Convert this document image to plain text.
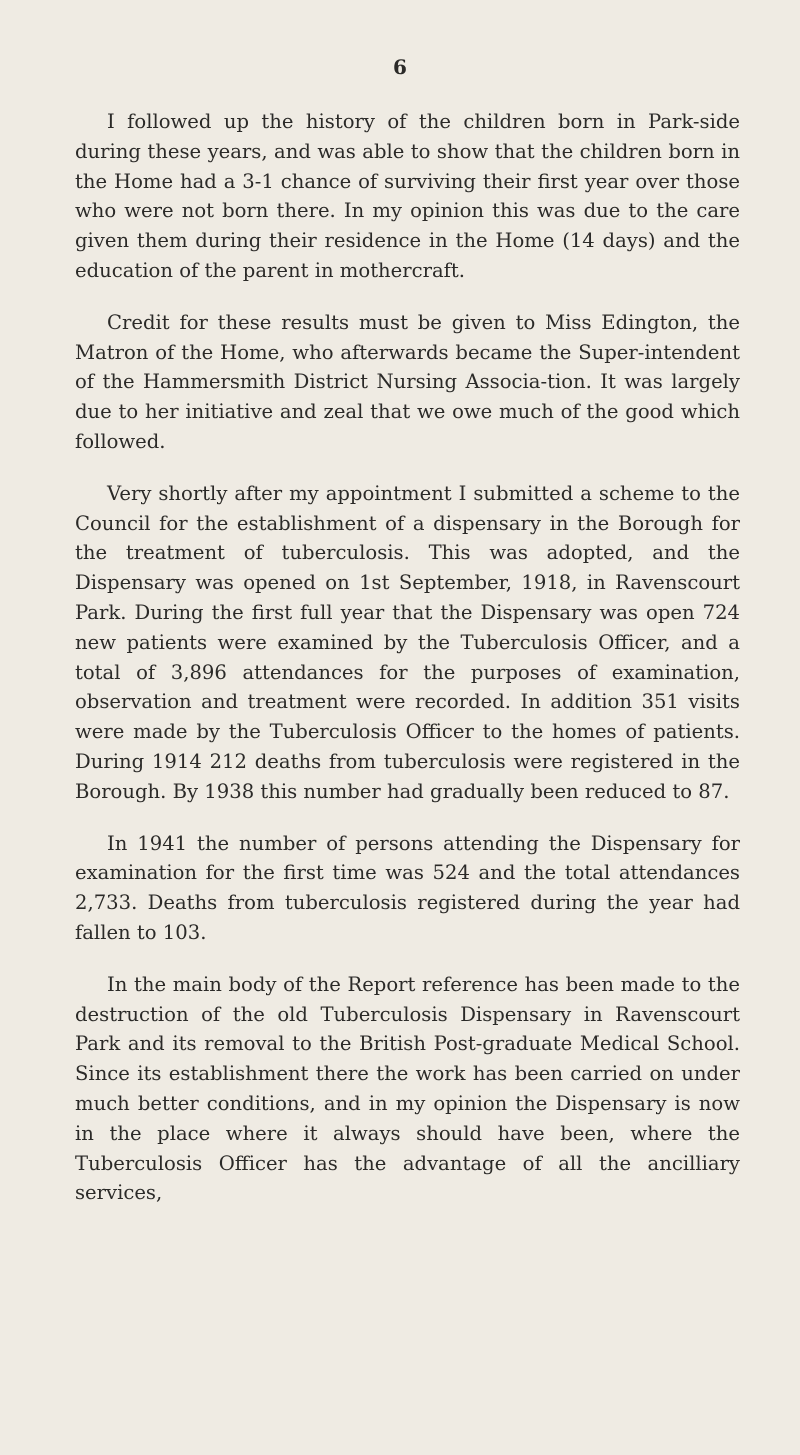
6

I followed up the history of the children born in Park-side during these years, and was able to show that the children born in the Home had a 3-1 chance of surviving their first year over those who were not born there. In my opinion this was due to the care given them during their residence in the Home (14 days) and the education of the parent in mothercraft.

Credit for these results must be given to Miss Edington, the Matron of the Home, who afterwards became the Super-intendent of the Hammersmith District Nursing Associa-tion. It was largely due to her initiative and zeal that we owe much of the good which followed.

Very shortly after my appointment I submitted a scheme to the Council for the establishment of a dispensary in the Borough for the treatment of tuberculosis. This was adopted, and the Dispensary was opened on 1st September, 1918, in Ravenscourt Park. During the first full year that the Dispensary was open 724 new patients were examined by the Tuberculosis Officer, and a total of 3,896 attendances for the purposes of examination, observation and treatment were recorded. In addition 351 visits were made by the Tuberculosis Officer to the homes of patients. During 1914 212 deaths from tuberculosis were registered in the Borough. By 1938 this number had gradually been reduced to 87.

In 1941 the number of persons attending the Dispensary for examination for the first time was 524 and the total attendances 2,733. Deaths from tuberculosis registered during the year had fallen to 103.

In the main body of the Report reference has been made to the destruction of the old Tuberculosis Dispensary in Ravenscourt Park and its removal to the British Post-graduate Medical School. Since its establishment there the work has been carried on under much better conditions, and in my opinion the Dispensary is now in the place where it always should have been, where the Tuberculosis Officer has the advantage of all the ancilliary services,
